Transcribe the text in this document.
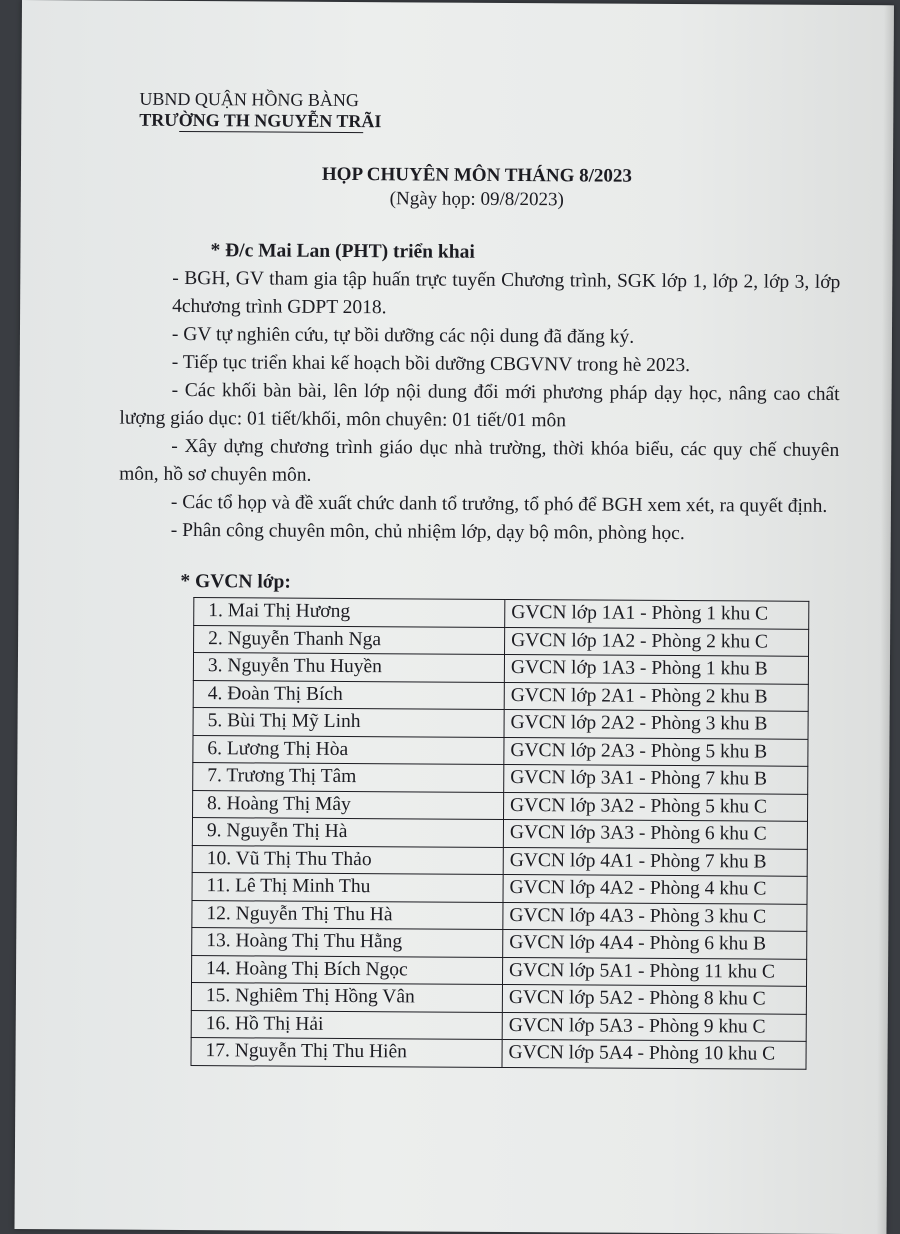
UBND QUẬN HỒNG BÀNG
TRƯỜNG TH NGUYỄN TRÃI
HỌP CHUYÊN MÔN THÁNG 8/2023
(Ngày họp: 09/8/2023)
* Đ/c Mai Lan (PHT) triển khai

- BGH, GV tham gia tập huấn trực tuyến Chương trình, SGK lớp 1, lớp 2, lớp 3, lớp 4chương trình GDPT 2018.

- GV tự nghiên cứu, tự bồi dưỡng các nội dung đã đăng ký.

- Tiếp tục triển khai kế hoạch bồi dưỡng CBGVNV trong hè 2023.

- Các khối bàn bài, lên lớp nội dung đổi mới phương pháp dạy học, nâng cao chất lượng giáo dục: 01 tiết/khối, môn chuyên: 01 tiết/01 môn

- Xây dựng chương trình giáo dục nhà trường, thời khóa biểu, các quy chế chuyên môn, hồ sơ chuyên môn.

- Các tổ họp và đề xuất chức danh tổ trưởng, tổ phó để BGH xem xét, ra quyết định.

- Phân công chuyên môn, chủ nhiệm lớp, dạy bộ môn, phòng học.

* GVCN lớp:
1. Mai Thị Hương	GVCN lớp 1A1 - Phòng 1 khu C
2. Nguyễn Thanh Nga	GVCN lớp 1A2 - Phòng 2 khu C
3. Nguyễn Thu Huyền	GVCN lớp 1A3 - Phòng 1 khu B
4. Đoàn Thị Bích	GVCN lớp 2A1 - Phòng 2 khu B
5. Bùi Thị Mỹ Linh	GVCN lớp 2A2 - Phòng 3 khu B
6. Lương Thị Hòa	GVCN lớp 2A3 - Phòng 5 khu B
7. Trương Thị Tâm	GVCN lớp 3A1 - Phòng 7 khu B
8. Hoàng Thị Mây	GVCN lớp 3A2 - Phòng 5 khu C
9. Nguyễn Thị Hà	GVCN lớp 3A3 - Phòng 6 khu C
10. Vũ Thị Thu Thảo	GVCN lớp 4A1 - Phòng 7 khu B
11. Lê Thị Minh Thu	GVCN lớp 4A2 - Phòng 4 khu C
12. Nguyễn Thị Thu Hà	GVCN lớp 4A3 - Phòng 3 khu C
13. Hoàng Thị Thu Hằng	GVCN lớp 4A4 - Phòng 6 khu B
14. Hoàng Thị Bích Ngọc	GVCN lớp 5A1 - Phòng 11 khu C
15. Nghiêm Thị Hồng Vân	GVCN lớp 5A2 - Phòng 8 khu C
16. Hồ Thị Hải	GVCN lớp 5A3 - Phòng 9 khu C
17. Nguyễn Thị Thu Hiên	GVCN lớp 5A4 - Phòng 10 khu C
